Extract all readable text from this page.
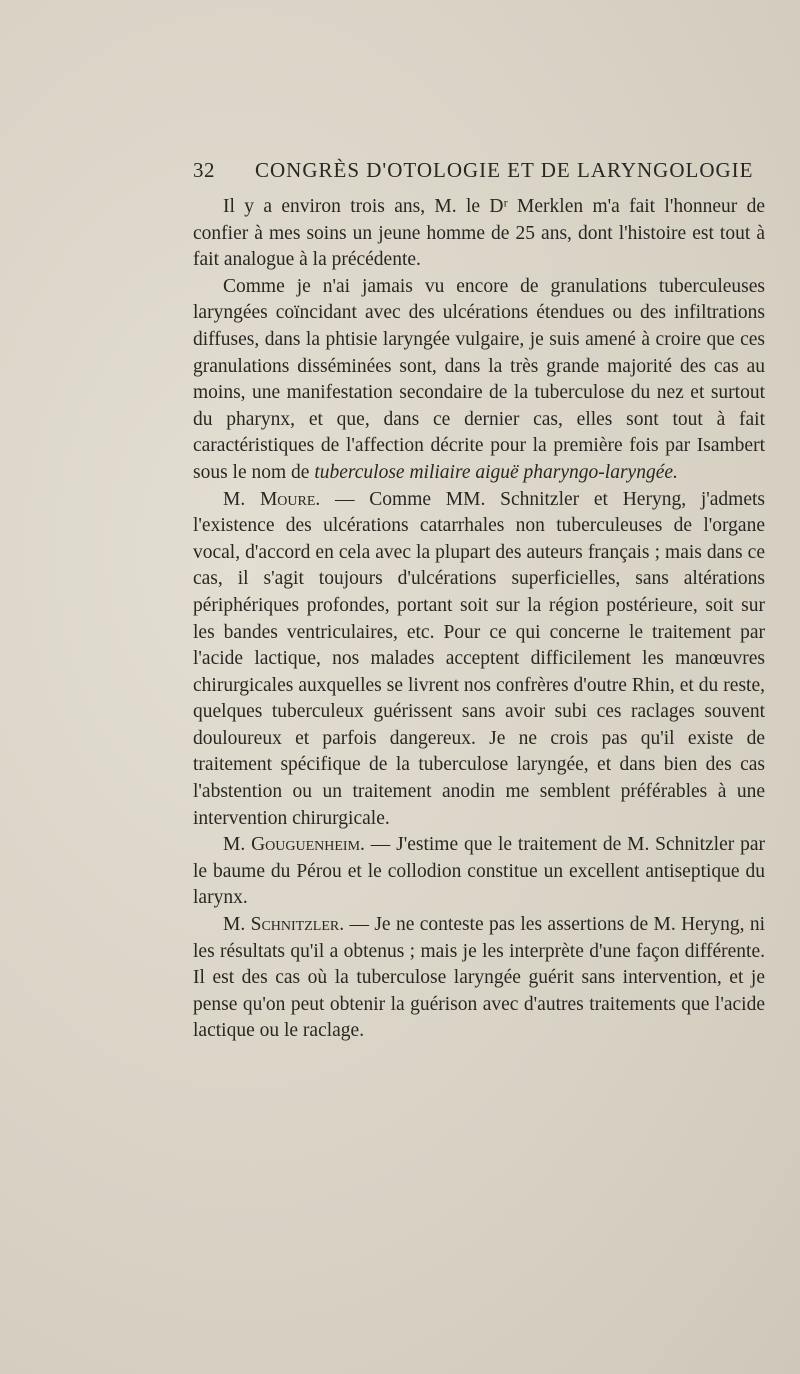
32	CONGRÈS D'OTOLOGIE ET DE LARYNGOLOGIE

Il y a environ trois ans, M. le Dʳ Merklen m'a fait l'honneur de confier à mes soins un jeune homme de 25 ans, dont l'histoire est tout à fait analogue à la précédente.

Comme je n'ai jamais vu encore de granulations tuberculeuses laryngées coïncidant avec des ulcérations étendues ou des infiltrations diffuses, dans la phtisie laryngée vulgaire, je suis amené à croire que ces granulations disséminées sont, dans la très grande majorité des cas au moins, une manifestation secondaire de la tuberculose du nez et surtout du pharynx, et que, dans ce dernier cas, elles sont tout à fait caractéristiques de l'affection décrite pour la première fois par Isambert sous le nom de tuberculose miliaire aiguë pharyngo-laryngée.

M. Moure. — Comme MM. Schnitzler et Heryng, j'admets l'existence des ulcérations catarrhales non tuberculeuses de l'organe vocal, d'accord en cela avec la plupart des auteurs français ; mais dans ce cas, il s'agit toujours d'ulcérations superficielles, sans altérations périphériques profondes, portant soit sur la région postérieure, soit sur les bandes ventriculaires, etc. Pour ce qui concerne le traitement par l'acide lactique, nos malades acceptent difficilement les manœuvres chirurgicales auxquelles se livrent nos confrères d'outre Rhin, et du reste, quelques tuberculeux guérissent sans avoir subi ces raclages souvent douloureux et parfois dangereux. Je ne crois pas qu'il existe de traitement spécifique de la tuberculose laryngée, et dans bien des cas l'abstention ou un traitement anodin me semblent préférables à une intervention chirurgicale.

M. Gouguenheim. — J'estime que le traitement de M. Schnitzler par le baume du Pérou et le collodion constitue un excellent antiseptique du larynx.

M. Schnitzler. — Je ne conteste pas les assertions de M. Heryng, ni les résultats qu'il a obtenus ; mais je les interprète d'une façon différente. Il est des cas où la tuberculose laryngée guérit sans intervention, et je pense qu'on peut obtenir la guérison avec d'autres traitements que l'acide lactique ou le raclage.
